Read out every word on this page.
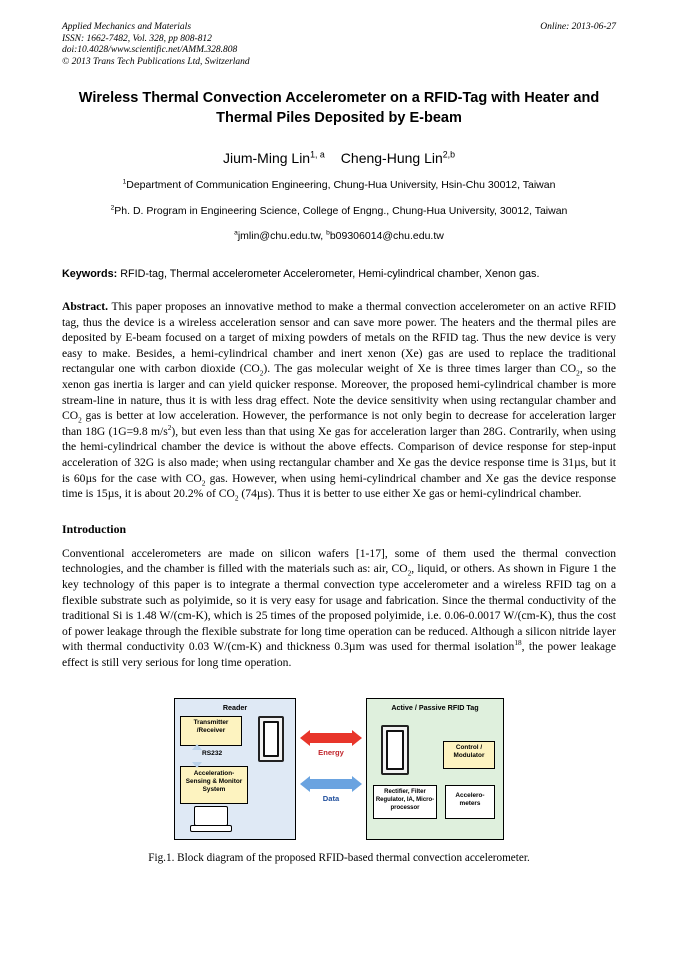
Applied Mechanics and Materials
ISSN: 1662-7482, Vol. 328, pp 808-812
doi:10.4028/www.scientific.net/AMM.328.808
© 2013 Trans Tech Publications Ltd, Switzerland
Online: 2013-06-27
Wireless Thermal Convection Accelerometer on a RFID-Tag with Heater and Thermal Piles Deposited by E-beam
Jium-Ming Lin$^{1, a}$ Cheng-Hung Lin$^{2,b}$
$^1$Department of Communication Engineering, Chung-Hua University, Hsin-Chu 30012, Taiwan
$^2$Ph. D. Program in Engineering Science, College of Engng., Chung-Hua University, 30012, Taiwan
$^a$jmlin@chu.edu.tw, $^b$b09306014@chu.edu.tw
Keywords: RFID-tag, Thermal accelerometer Accelerometer, Hemi-cylindrical chamber, Xenon gas.
Abstract. This paper proposes an innovative method to make a thermal convection accelerometer on an active RFID tag, thus the device is a wireless acceleration sensor and can save more power. The heaters and the thermal piles are deposited by E-beam focused on a target of mixing powders of metals on the RFID tag. Thus the new device is very easy to make. Besides, a hemi-cylindrical chamber and inert xenon (Xe) gas are used to replace the traditional rectangular one with carbon dioxide $(CO_2)$. The gas molecular weight of Xe is three times larger than $CO_2$, so the xenon gas inertia is larger and can yield quicker response. Moreover, the proposed hemi-cylindrical chamber is more stream-line in nature, thus it is with less drag effect. Note the device sensitivity when using rectangular chamber and $CO_2$ gas is better at low acceleration. However, the performance is not only begin to decrease for acceleration larger than 18G (1G=9.8 $m/s^2$), but even less than that using Xe gas for acceleration larger than 28G. Contrarily, when using the hemi-cylindrical chamber the device is without the above effects. Comparison of device response for step-input acceleration of 32G is also made; when using rectangular chamber and Xe gas the device response time is 31µs, but it is 60µs for the case with $CO_2$ gas. However, when using hemi-cylindrical chamber and Xe gas the device response time is 15µs, it is about 20.2% of $CO_2$ (74µs). Thus it is better to use either Xe gas or hemi-cylindrical chamber.
Introduction
Conventional accelerometers are made on silicon wafers [1-17], some of them used the thermal convection technologies, and the chamber is filled with the materials such as: air, $CO_2$, liquid, or others. As shown in Figure 1 the key technology of this paper is to integrate a thermal convection type accelerometer and a wireless RFID tag on a flexible substrate such as polyimide, so it is very easy for usage and fabrication. Since the thermal conductivity of the traditional Si is 1.48 W/(cm-K), which is 25 times of the proposed polyimide, i.e. 0.06-0.0017 W/(cm-K), thus the cost of power leakage through the flexible substrate for long time operation can be reduced. Although a silicon nitride layer with thermal conductivity 0.03 W/(cm-K) and thickness 0.3µm was used for thermal isolation$^{18}$, the power leakage effect is still very serious for long time operation.
Reader
Transmitter /Receiver
Acceleration- Sensing & Monitor System
RS232	Energy
Data
Active / Passive RFID Tag
Control / Modulator
Rectifier, Filter Regulator, IA, Micro-processor
Accelero- meters
Fig.1. Block diagram of the proposed RFID-based thermal convection accelerometer.
